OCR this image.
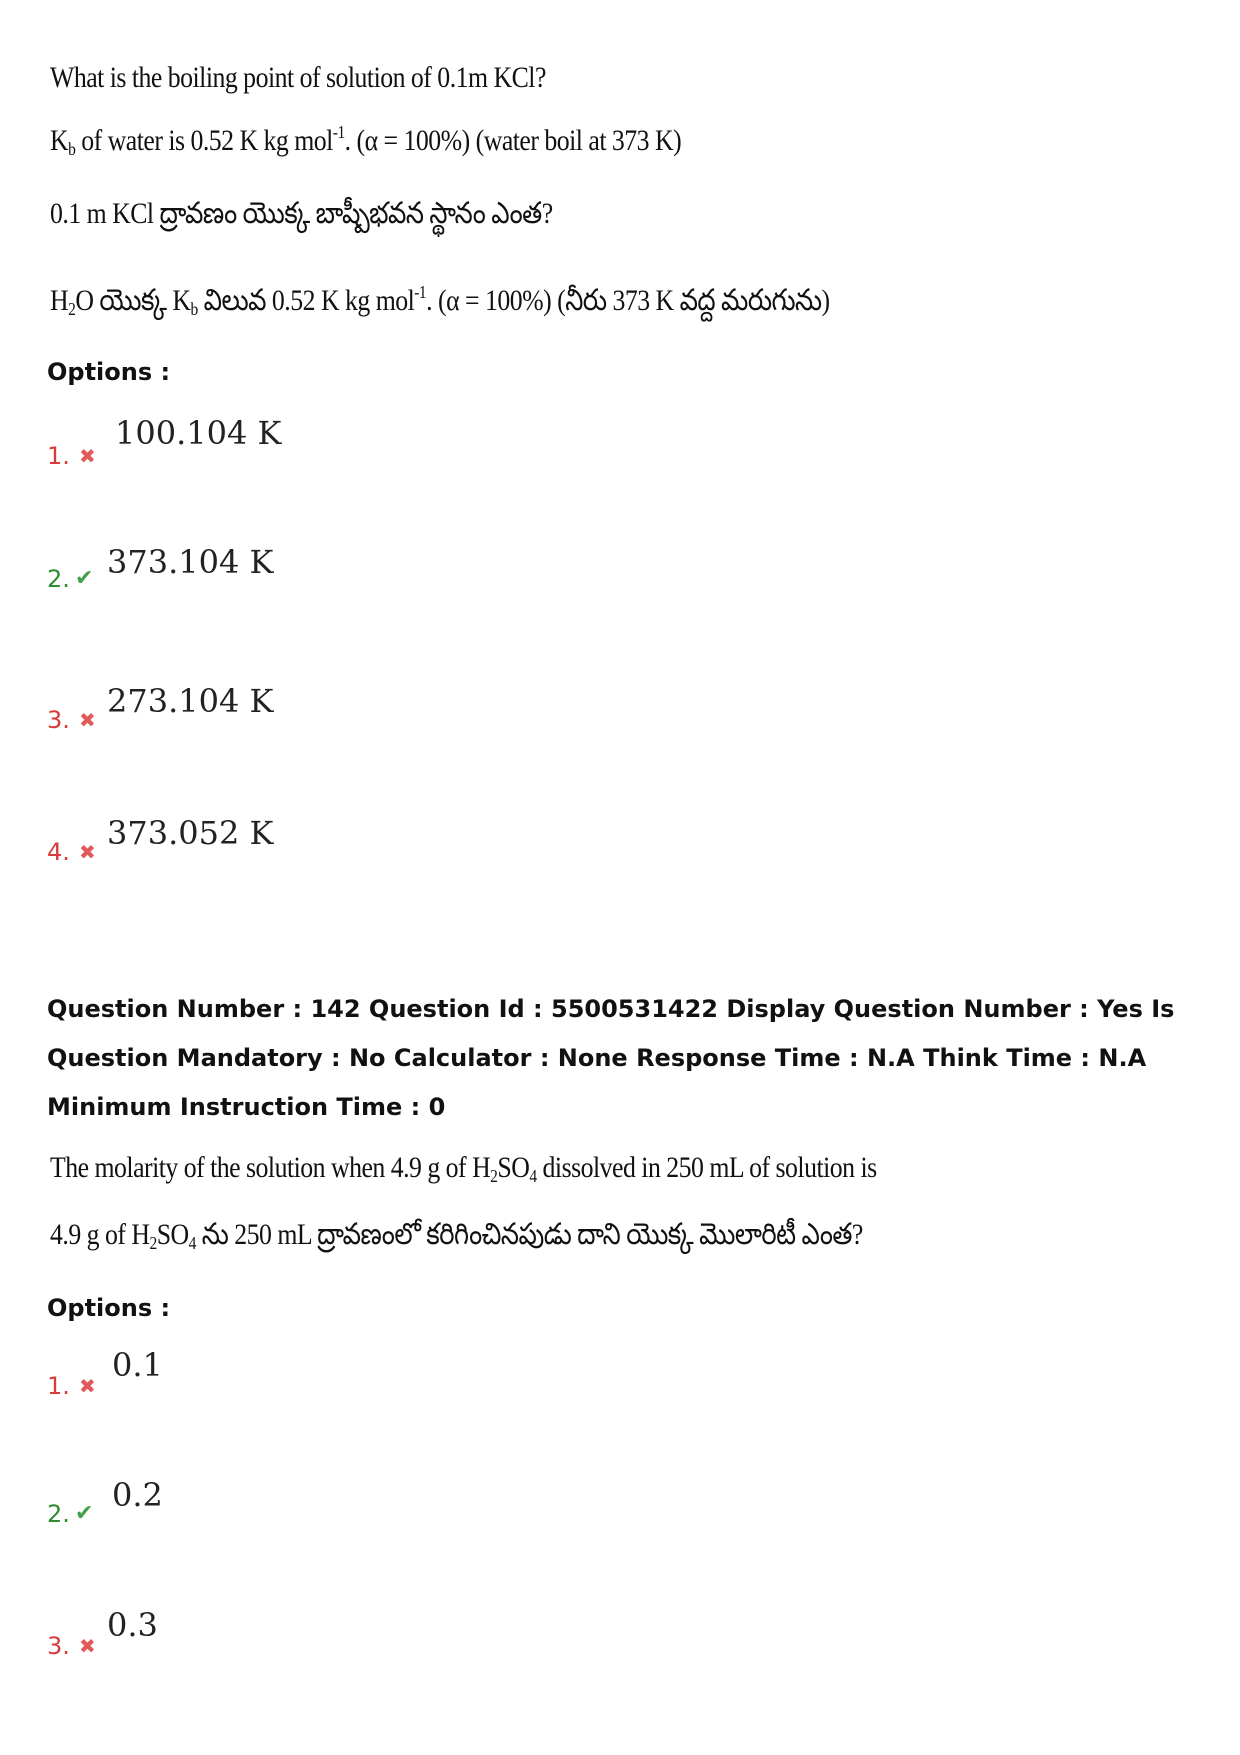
What is the boiling point of solution of 0.1m KCl?
$K_b$ of water is 0.52 K kg mol$^{-1}$. (α = 100%) (water boil at 373 K)
0.1 m KCl ద్రావణం యొక్క బాష్పీభవన స్థానం ఎంత?
$H_2O$ యొక్క $K_b$ విలువ 0.52 K kg mol$^{-1}$. (α = 100%) (నీరు 373 K వద్ద మరుగును)
Options :
1. ✖
100.104 K
2. ✔ 373.104 K
3. ✖ 273.104 K
4. ✖ 373.052 K
Question Number : 142 Question Id : 5500531422 Display Question Number : Yes Is Question Mandatory : No Calculator : None Response Time : N.A Think Time : N.A Minimum Instruction Time : 0
The molarity of the solution when 4.9 g of $H_2SO_4$ dissolved in 250 mL of solution is
4.9 g of $H_2SO_4$ ను 250 mL ద్రావణంలో కరిగించినపుడు దాని యొక్క మొలారిటీ ఎంత?
Options :
1. ✖
0.1
2. ✔ 0.2
3. ✖
0.3
